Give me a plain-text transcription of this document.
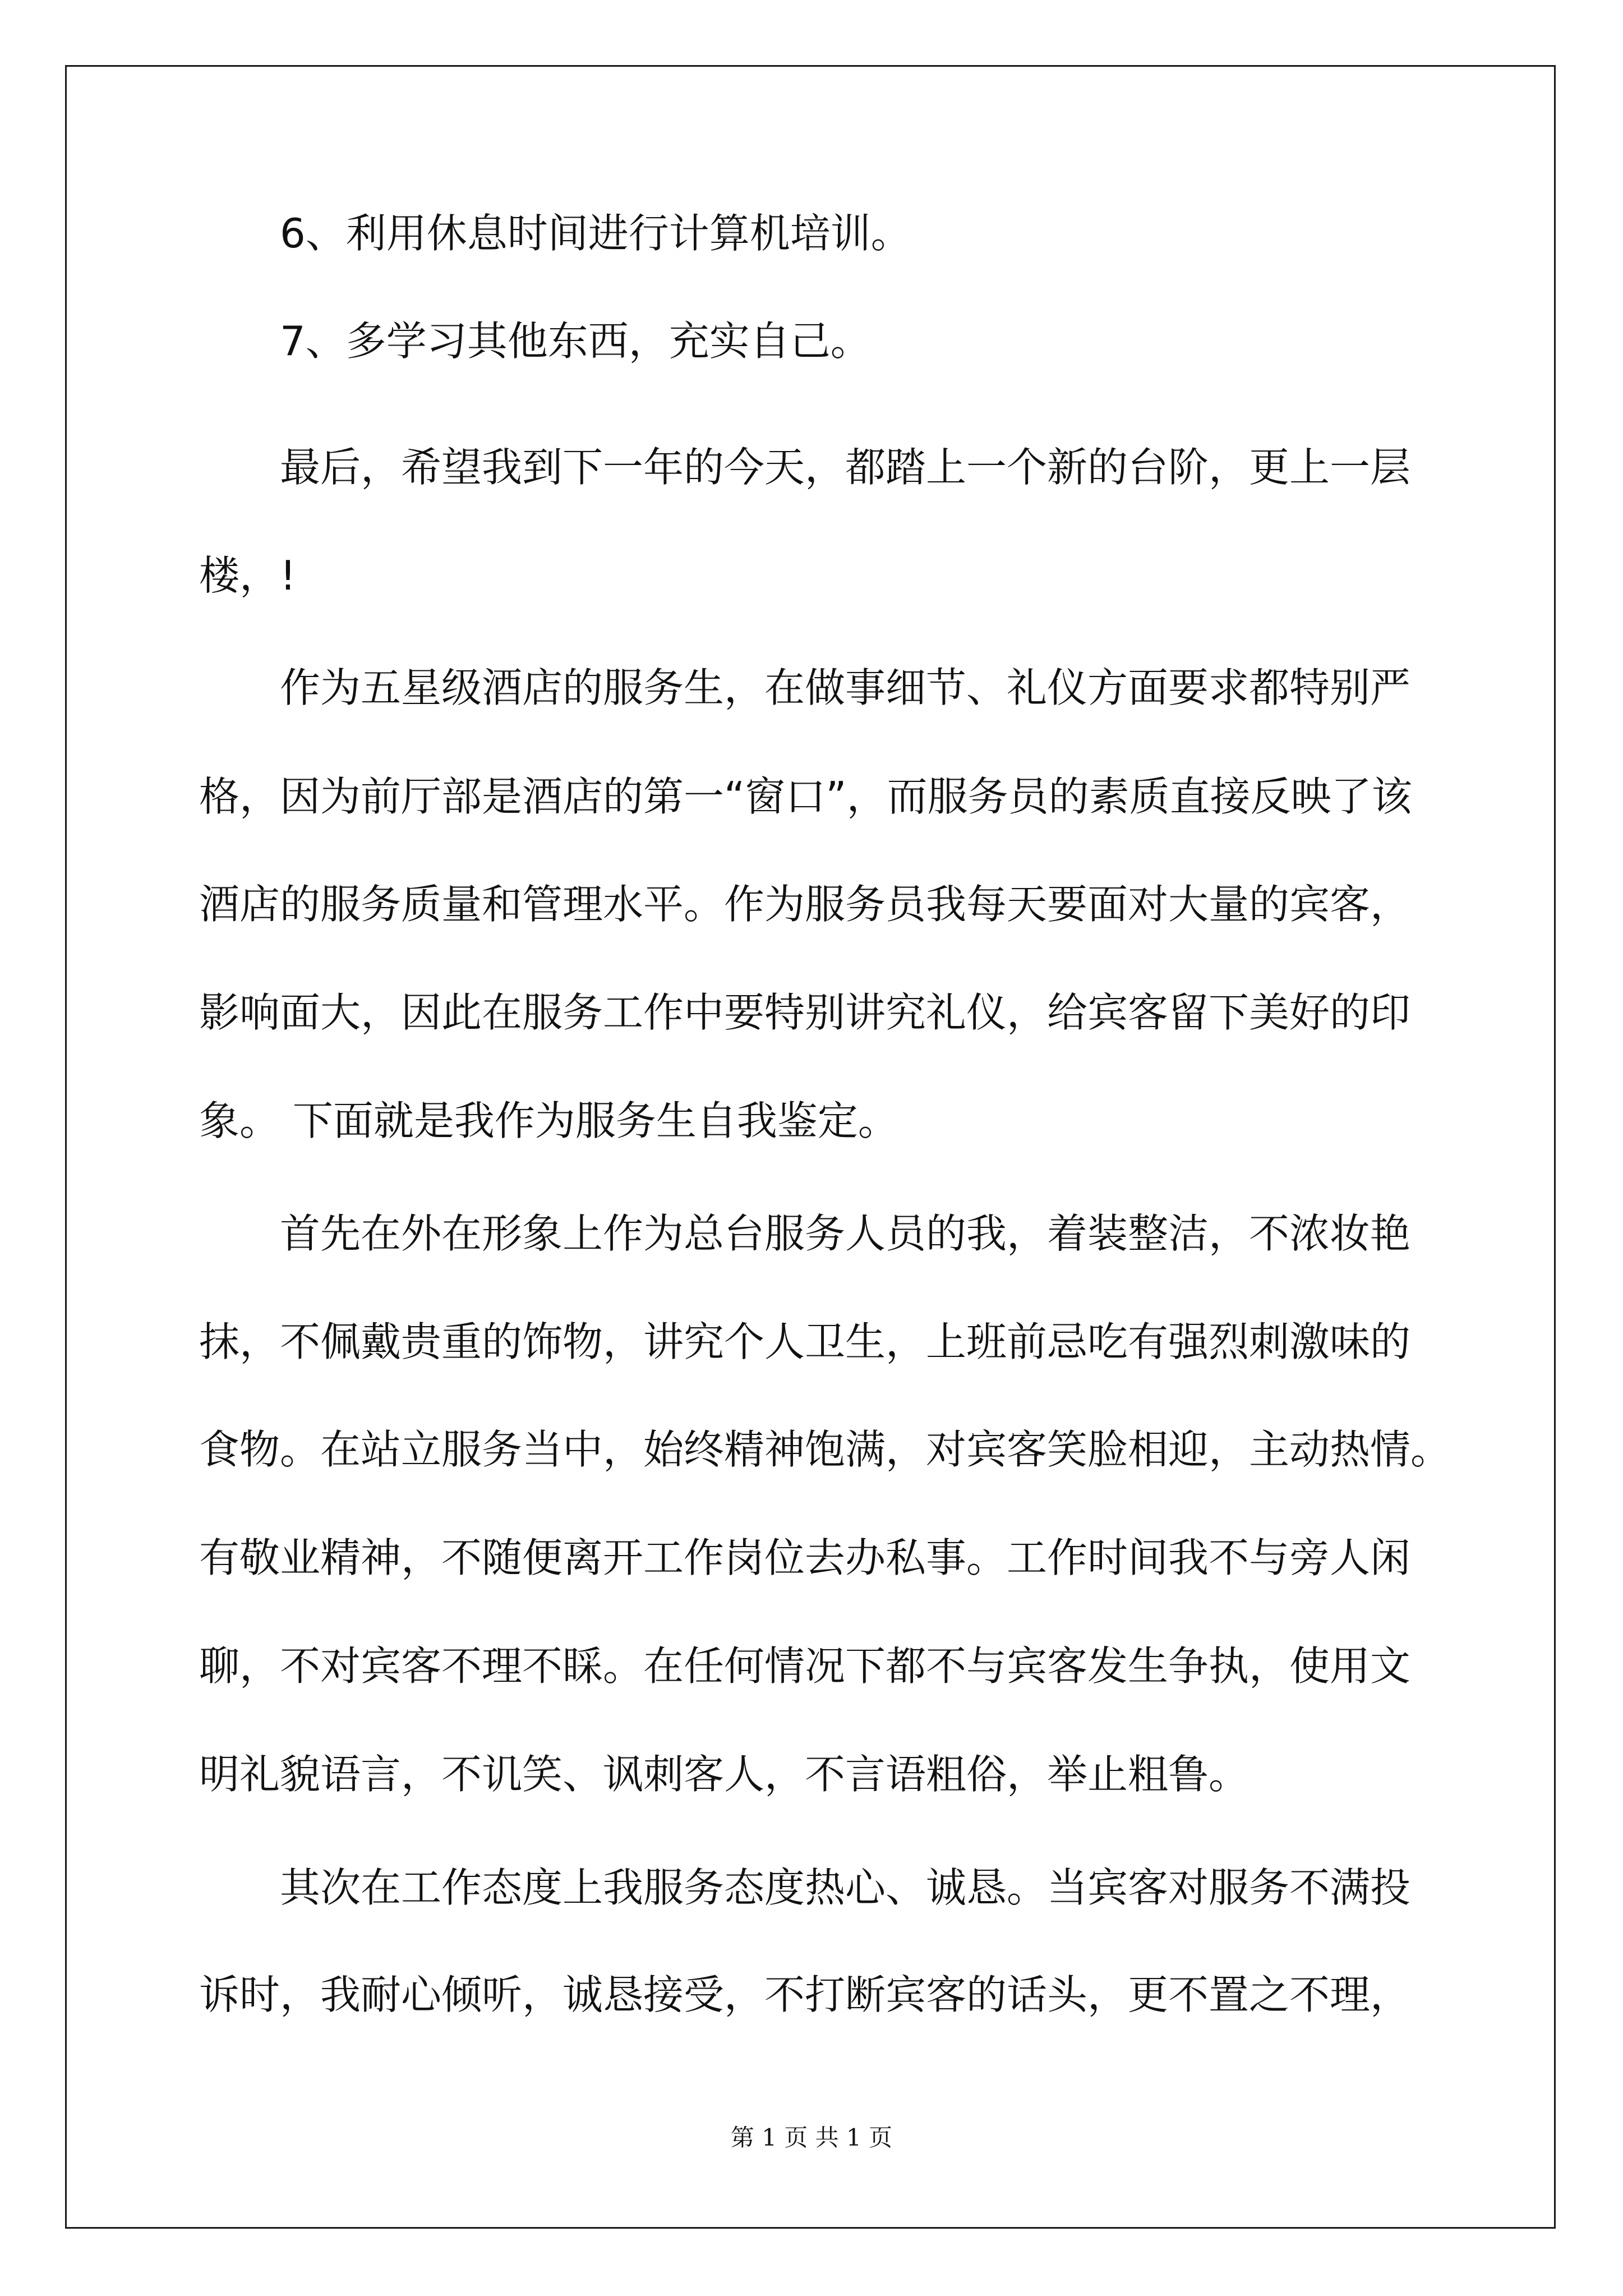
6、利用休息时间进行计算机培训。
7、多学习其他东西，充实自己。
最后，希望我到下一年的今天，都踏上一个新的台阶，更上一层
楼，!
作为五星级酒店的服务生，在做事细节、礼仪方面要求都特别严
格，因为前厅部是酒店的第一“窗口”，而服务员的素质直接反映了该
酒店的服务质量和管理水平。作为服务员我每天要面对大量的宾客，
影响面大，因此在服务工作中要特别讲究礼仪，给宾客留下美好的印
象。 下面就是我作为服务生自我鉴定。
首先在外在形象上作为总台服务人员的我，着装整洁，不浓妆艳
抹，不佩戴贵重的饰物，讲究个人卫生，上班前忌吃有强烈刺激味的
食物。在站立服务当中，始终精神饱满，对宾客笑脸相迎，主动热情。
有敬业精神，不随便离开工作岗位去办私事。工作时间我不与旁人闲
聊，不对宾客不理不睬。在任何情况下都不与宾客发生争执，使用文
明礼貌语言，不讥笑、讽刺客人，不言语粗俗，举止粗鲁。
其次在工作态度上我服务态度热心、诚恳。当宾客对服务不满投
诉时，我耐心倾听，诚恳接受，不打断宾客的话头，更不置之不理，
第 1 页 共 1 页
